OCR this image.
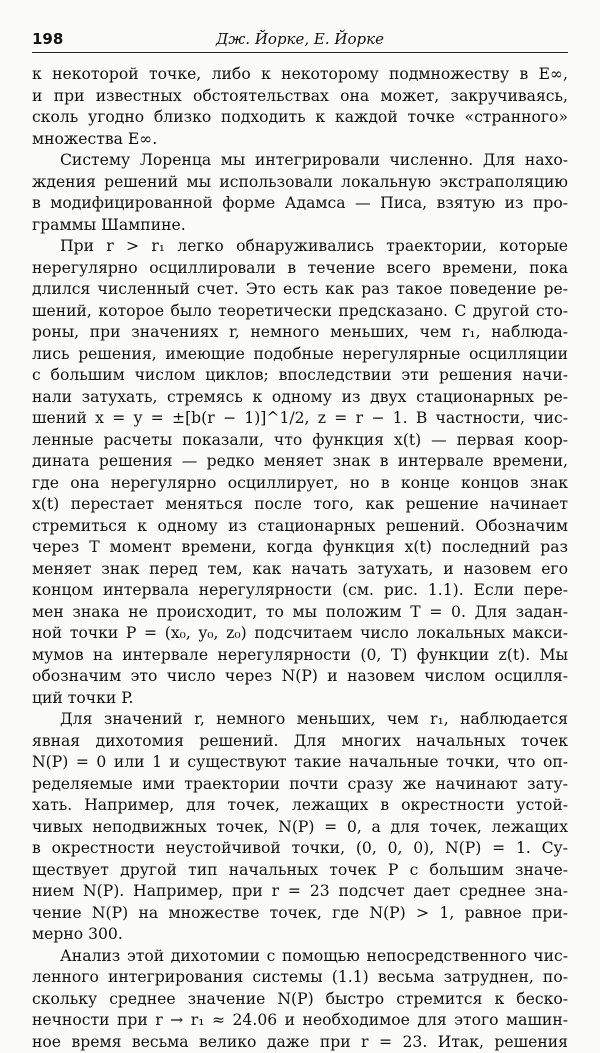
198	Дж. Йорке, Е. Йорке
к некоторой точке, либо к некоторому подмножеству в E∞,
и при известных обстоятельствах она может, закручиваясь,
сколь угодно близко подходить к каждой точке «странного»
множества E∞.
Систему Лоренца мы интегрировали численно. Для нахо-
ждения решений мы использовали локальную экстраполяцию
в модифицированной форме Адамса — Писа, взятую из про-
граммы Шампине.
При r > r₁ легко обнаруживались траектории, которые
нерегулярно осциллировали в течение всего времени, пока
длился численный счет. Это есть как раз такое поведение ре-
шений, которое было теоретически предсказано. С другой сто-
роны, при значениях r, немного меньших, чем r₁, наблюда-
лись решения, имеющие подобные нерегулярные осцилляции
с большим числом циклов; впоследствии эти решения начи-
нали затухать, стремясь к одному из двух стационарных ре-
шений x = y = ±[b(r − 1)]^1/2, z = r − 1. В частности, чис-
ленные расчеты показали, что функция x(t) — первая коор-
дината решения — редко меняет знак в интервале времени,
где она нерегулярно осциллирует, но в конце концов знак
x(t) перестает меняться после того, как решение начинает
стремиться к одному из стационарных решений. Обозначим
через T момент времени, когда функция x(t) последний раз
меняет знак перед тем, как начать затухать, и назовем его
концом интервала нерегулярности (см. рис. 1.1). Если пере-
мен знака не происходит, то мы положим T = 0. Для задан-
ной точки P = (x₀, y₀, z₀) подсчитаем число локальных макси-
мумов на интервале нерегулярности (0, T) функции z(t). Мы
обозначим это число через N(P) и назовем числом осцилля-
ций точки P.
Для значений r, немного меньших, чем r₁, наблюдается
явная дихотомия решений. Для многих начальных точек
N(P) = 0 или 1 и существуют такие начальные точки, что оп-
ределяемые ими траектории почти сразу же начинают зату-
хать. Например, для точек, лежащих в окрестности устой-
чивых неподвижных точек, N(P) = 0, а для точек, лежащих
в окрестности неустойчивой точки, (0, 0, 0), N(P) = 1. Су-
ществует другой тип начальных точек P с большим значе-
нием N(P). Например, при r = 23 подсчет дает среднее зна-
чение N(P) на множестве точек, где N(P) > 1, равное при-
мерно 300.
Анализ этой дихотомии с помощью непосредственного чис-
ленного интегрирования системы (1.1) весьма затруднен, по-
скольку среднее значение N(P) быстро стремится к беско-
нечности при r → r₁ ≈ 24.06 и необходимое для этого машин-
ное время весьма велико даже при r = 23. Итак, решения
